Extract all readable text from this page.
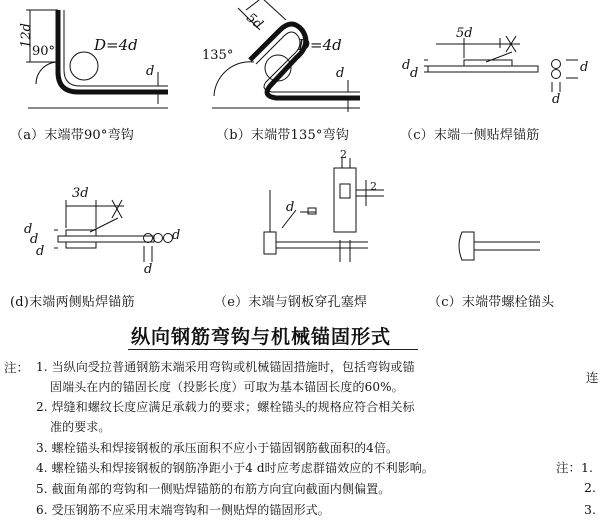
12d
90°	D=4d
d
5d
135°
D=4d
d
5d
d
d	d
d
3d
d
d
d
d
d
2
2
d
（a）末端带90°弯钩	（b）末端带135°弯钩	（c）末端一侧贴焊锚筋
(d)末端两侧贴焊锚筋	（e）末端与钢板穿孔塞焊	（c）末端带螺栓锚头
纵向钢筋弯钩与机械锚固形式
注： 1. 当纵向受拉普通钢筋末端采用弯钩或机械锚固措施时，包括弯钩或锚
固端头在内的锚固长度（投影长度）可取为基本锚固长度的60%。
2. 焊缝和螺纹长度应满足承载力的要求；螺栓锚头的规格应符合相关标
准的要求。
3. 螺栓锚头和焊接钢板的承压面积不应小于锚固钢筋截面积的4倍。
4. 螺栓锚头和焊接钢板的钢筋净距小于4 d时应考虑群锚效应的不利影响。
5. 截面角部的弯钩和一侧贴焊锚筋的布筋方向宜向截面内侧偏置。
6. 受压钢筋不应采用末端弯钩和一侧贴焊的锚固形式。
连
注：1.
2.
3.
